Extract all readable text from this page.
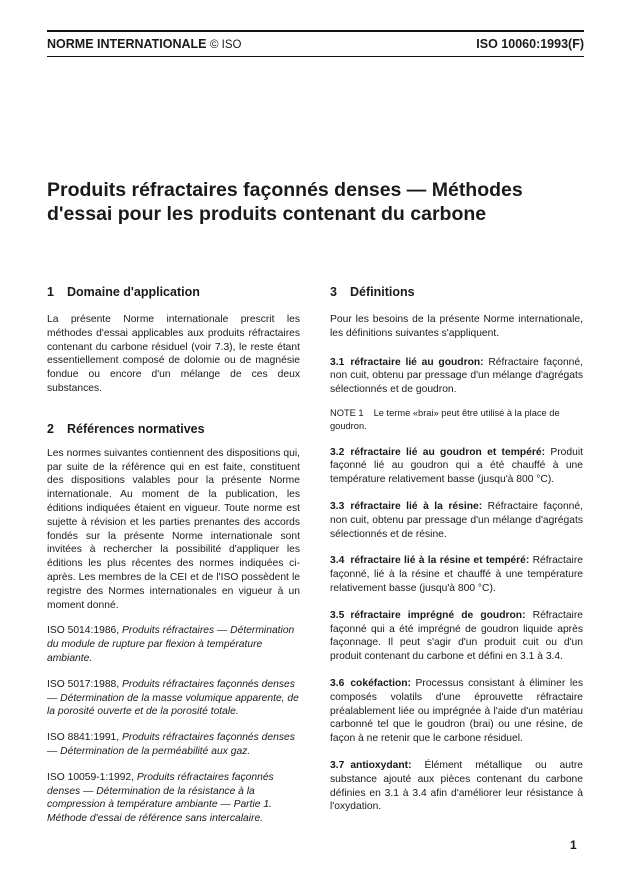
NORME INTERNATIONALE © ISO	ISO 10060:1993(F)
Produits réfractaires façonnés denses — Méthodes
d'essai pour les produits contenant du carbone
1 Domaine d'application

La présente Norme internationale prescrit les méthodes d'essai applicables aux produits réfractaires contenant du carbone résiduel (voir 7.3), le reste étant essentiellement composé de dolomie ou de magnésie fondue ou encore d'un mélange de ces deux substances.

2 Références normatives

Les normes suivantes contiennent des dispositions qui, par suite de la référence qui en est faite, constituent des dispositions valables pour la présente Norme internationale. Au moment de la publication, les éditions indiquées étaient en vigueur. Toute norme est sujette à révision et les parties prenantes des accords fondés sur la présente Norme internationale sont invitées à rechercher la possibilité d'appliquer les éditions les plus récentes des normes indiquées ci-après. Les membres de la CEI et de l'ISO possèdent le registre des Normes internationales en vigueur à un moment donné.

ISO 5014:1986, Produits réfractaires — Détermination du module de rupture par flexion à température ambiante.

ISO 5017:1988, Produits réfractaires façonnés denses — Détermination de la masse volumique apparente, de la porosité ouverte et de la porosité totale.

ISO 8841:1991, Produits réfractaires façonnés denses — Détermination de la perméabilité aux gaz.

ISO 10059-1:1992, Produits réfractaires façonnés denses — Détermination de la résistance à la compression à température ambiante — Partie 1. Méthode d'essai de référence sans intercalaire.

3 Définitions

Pour les besoins de la présente Norme internationale, les définitions suivantes s'appliquent.

3.1 réfractaire lié au goudron: Réfractaire façonné, non cuit, obtenu par pressage d'un mélange d'agrégats sélectionnés et de goudron.

NOTE 1 Le terme «brai» peut être utilisé à la place de goudron.

3.2 réfractaire lié au goudron et tempéré: Produit façonné lié au goudron qui a été chauffé à une température relativement basse (jusqu'à 800 °C).

3.3 réfractaire lié à la résine: Réfractaire façonné, non cuit, obtenu par pressage d'un mélange d'agrégats sélectionnés et de résine.

3.4 réfractaire lié à la résine et tempéré: Réfractaire façonné, lié à la résine et chauffé à une température relativement basse (jusqu'à 800 °C).

3.5 réfractaire imprégné de goudron: Réfractaire façonné qui a été imprégné de goudron liquide après façonnage. Il peut s'agir d'un produit cuit ou d'un produit contenant du carbone et défini en 3.1 à 3.4.

3.6 cokéfaction: Processus consistant à éliminer les composés volatils d'une éprouvette réfractaire préalablement liée ou imprégnée à l'aide d'un matériau carbonné tel que le goudron (brai) ou une résine, de façon à ne retenir que le carbone résiduel.

3.7 antioxydant: Élément métallique ou autre substance ajouté aux pièces contenant du carbone définies en 3.1 à 3.4 afin d'améliorer leur résistance à l'oxydation.

1
